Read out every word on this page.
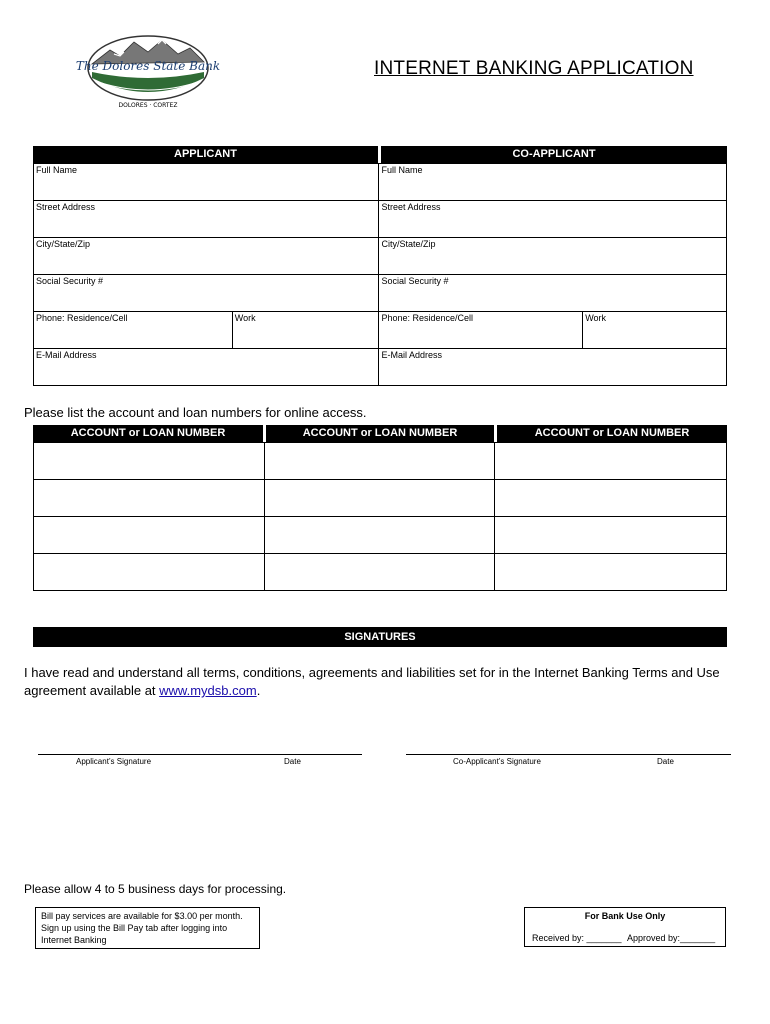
The Dolores State Bank
DOLORES · CORTEZ
INTERNET BANKING APPLICATION
APPLICANT	CO-APPLICANT
Full Name		Full Name	
Street Address		Street Address	
City/State/Zip		City/State/Zip	
Social Security #		Social Security #	
Phone: Residence/Cell	Work	Phone: Residence/Cell	Work
E-Mail Address		E-Mail Address	
Please list the account and loan numbers for online access.
ACCOUNT or LOAN NUMBER	ACCOUNT or LOAN NUMBER	ACCOUNT or LOAN NUMBER

SIGNATURES
I have read and understand all terms, conditions, agreements and liabilities set for in the Internet Banking Terms and Use agreement available at www.mydsb.com.
Applicant’s Signature	Date	Co-Applicant’s Signature	Date
Please allow 4 to 5 business days for processing.
Bill pay services are available for $3.00 per month.
Sign up using the Bill Pay tab after logging into
Internet Banking
For Bank Use Only
Received by: _______ Approved by:_______
